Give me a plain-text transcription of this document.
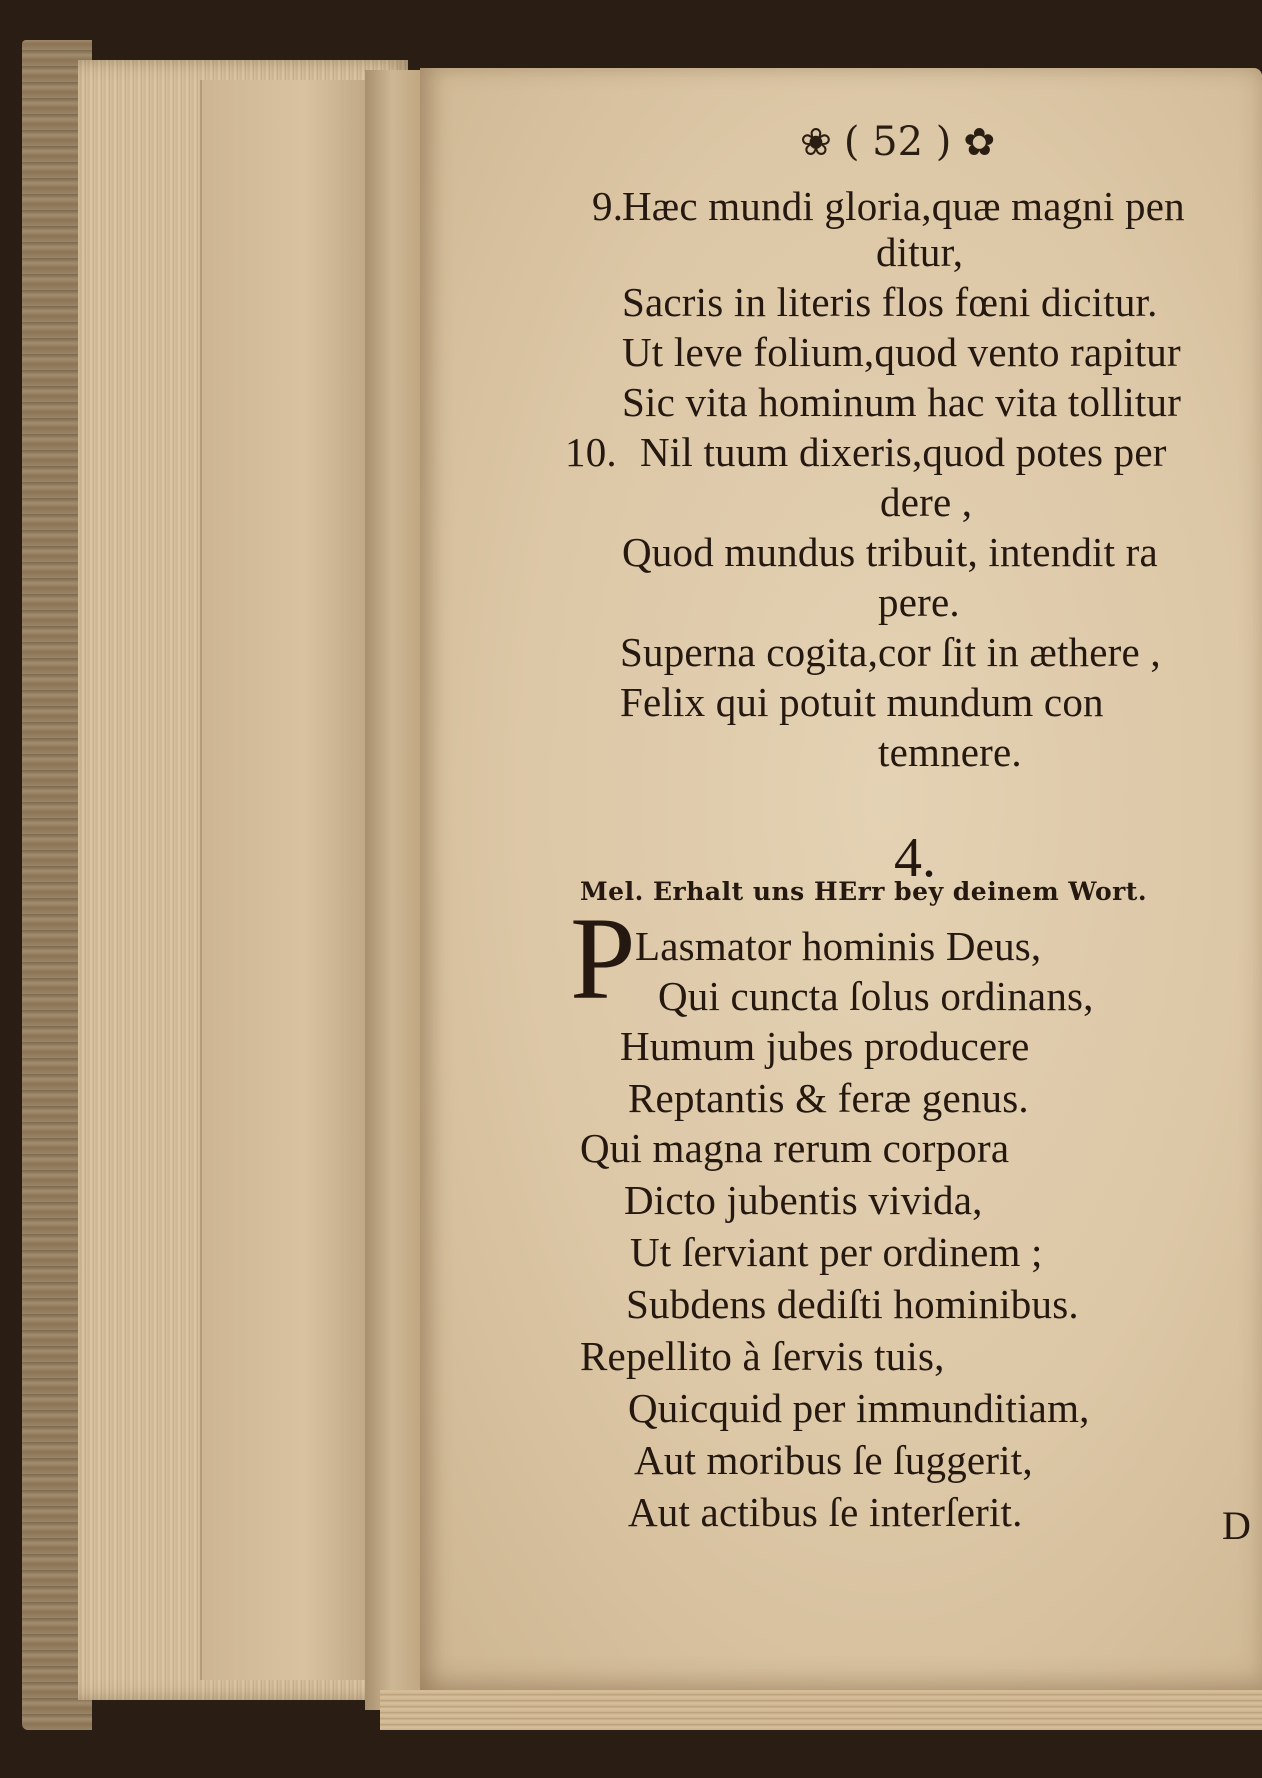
❀ ( 52 ) ✿
9.
Hæc mundi gloria,quæ magni pen
ditur,
Sacris in literis flos fœni dicitur.
Ut leve folium,quod vento rapitur
Sic vita hominum hac vita tollitur
10. Nil tuum dixeris,quod potes per
dere ,
Quod mundus tribuit, intendit ra
pere.
Superna cogita,cor ſit in æthere ,
Felix qui potuit mundum con
temnere.
4.
Mel. Erhalt uns HErr bey deinem Wort.
P Lasmator hominis Deus,
Qui cuncta ſolus ordinans,
Humum jubes producere
Reptantis & feræ genus.
Qui magna rerum corpora
Dicto jubentis vivida,
Ut ſerviant per ordinem ;
Subdens dediſti hominibus.
Repellito à ſervis tuis,
Quicquid per immunditiam,
Aut moribus ſe ſuggerit,
Aut actibus ſe interſerit.	D
